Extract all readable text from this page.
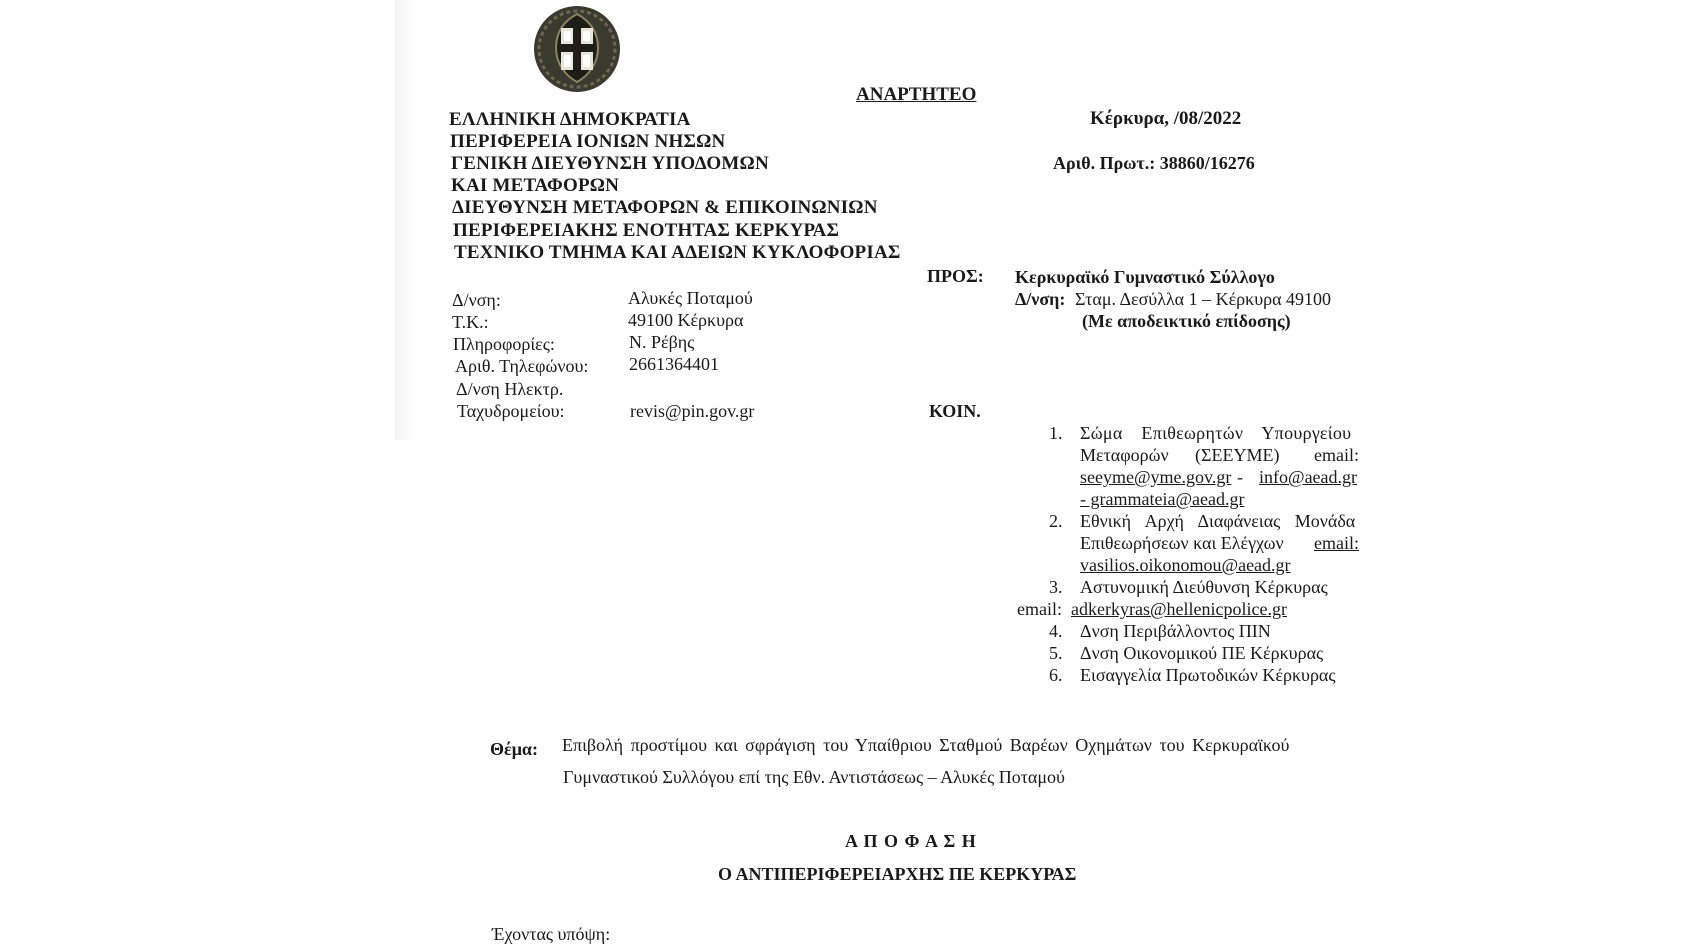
ΑΝΑΡΤΗΤΕΟ
ΕΛΛΗΝΙΚΗ ΔΗΜΟΚΡΑΤΙΑ
ΠΕΡΙΦΕΡΕΙΑ ΙΟΝΙΩΝ ΝΗΣΩΝ
ΓΕΝΙΚΗ ΔΙΕΥΘΥΝΣΗ ΥΠΟΔΟΜΩΝ
ΚΑΙ ΜΕΤΑΦΟΡΩΝ
ΔΙΕΥΘΥΝΣΗ ΜΕΤΑΦΟΡΩΝ & ΕΠΙΚΟΙΝΩΝΙΩΝ
ΠΕΡΙΦΕΡΕΙΑΚΗΣ ΕΝΟΤΗΤΑΣ ΚΕΡΚΥΡΑΣ
ΤΕΧΝΙΚΟ ΤΜΗΜΑ ΚΑΙ ΑΔΕΙΩΝ ΚΥΚΛΟΦΟΡΙΑΣ
Κέρκυρα, /08/2022
Αριθ. Πρωτ.: 38860/16276
Δ/νση:	Αλυκές Ποταμού
Τ.Κ.:	49100 Κέρκυρα
Πληροφορίες:	Ν. Ρέβης
Αριθ. Τηλεφώνου: 2661364401
Δ/νση Ηλεκτρ.
Ταχυδρομείου:	revis@pin.gov.gr
ΠΡΟΣ: Κερκυραϊκό Γυμναστικό Σύλλογο
Δ/νση: Σταμ. Δεσύλλα 1 – Κέρκυρα 49100
(Με αποδεικτικό επίδοσης)
ΚΟΙΝ.
1. Σώμα Επιθεωρητών Υπουργείου
Μεταφορών (ΣΕΕΥΜΕ) email:
seeyme@yme.gov.gr - info@aead.gr
- grammateia@aead.gr
2. Εθνική Αρχή Διαφάνειας Μονάδα
Επιθεωρήσεων και Ελέγχων email:
vasilios.oikonomou@aead.gr
3. Αστυνομική Διεύθυνση Κέρκυρας
email: adkerkyras@hellenicpolice.gr
4. Δνση Περιβάλλοντος ΠΙΝ
5. Δνση Οικονομικού ΠΕ Κέρκυρας
6. Εισαγγελία Πρωτοδικών Κέρκυρας
Θέμα: Επιβολή προστίμου και σφράγιση του Υπαίθριου Σταθμού Βαρέων Οχημάτων του Κερκυραϊκού
Γυμναστικού Συλλόγου επί της Εθν. Αντιστάσεως – Αλυκές Ποταμού
Α Π Ο Φ Α Σ Η
Ο ΑΝΤΙΠΕΡΙΦΕΡΕΙΑΡΧΗΣ ΠΕ ΚΕΡΚΥΡΑΣ
Έχοντας υπόψη:
